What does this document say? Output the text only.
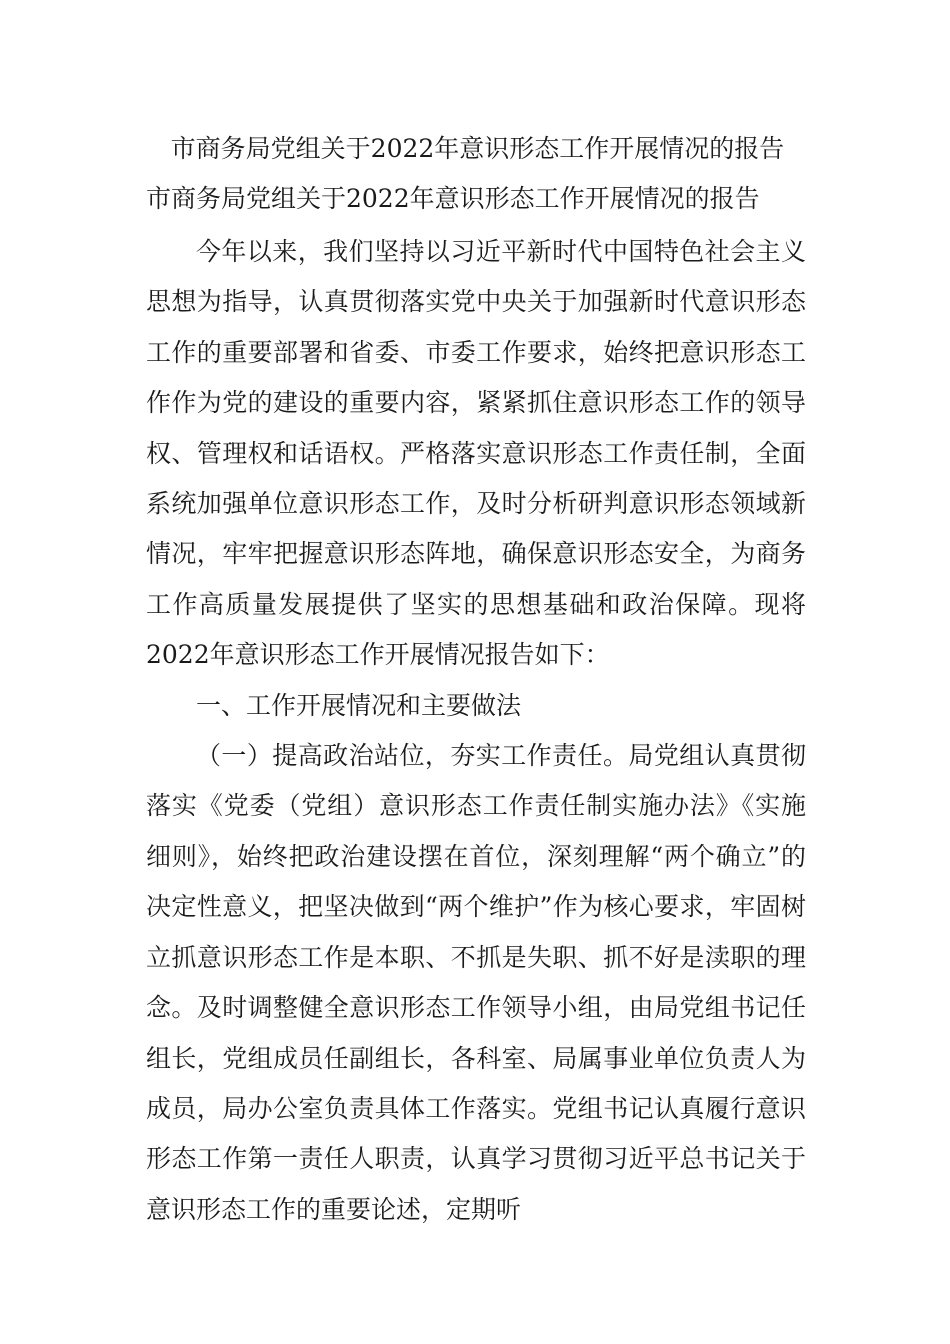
市商务局党组关于2022年意识形态工作开展情况的报告
市商务局党组关于2022年意识形态工作开展情况的报告

今年以来，我们坚持以习近平新时代中国特色社会主义思想为指导，认真贯彻落实党中央关于加强新时代意识形态工作的重要部署和省委、市委工作要求，始终把意识形态工作作为党的建设的重要内容，紧紧抓住意识形态工作的领导权、管理权和话语权。严格落实意识形态工作责任制，全面系统加强单位意识形态工作，及时分析研判意识形态领域新情况，牢牢把握意识形态阵地，确保意识形态安全，为商务工作高质量发展提供了坚实的思想基础和政治保障。现将2022年意识形态工作开展情况报告如下：

一、工作开展情况和主要做法

（一）提高政治站位，夯实工作责任。局党组认真贯彻落实《党委（党组）意识形态工作责任制实施办法》《实施细则》，始终把政治建设摆在首位，深刻理解“两个确立”的决定性意义，把坚决做到“两个维护”作为核心要求，牢固树立抓意识形态工作是本职、不抓是失职、抓不好是渎职的理念。及时调整健全意识形态工作领导小组，由局党组书记任组长，党组成员任副组长，各科室、局属事业单位负责人为成员，局办公室负责具体工作落实。党组书记认真履行意识形态工作第一责任人职责，认真学习贯彻习近平总书记关于意识形态工作的重要论述，定期听
